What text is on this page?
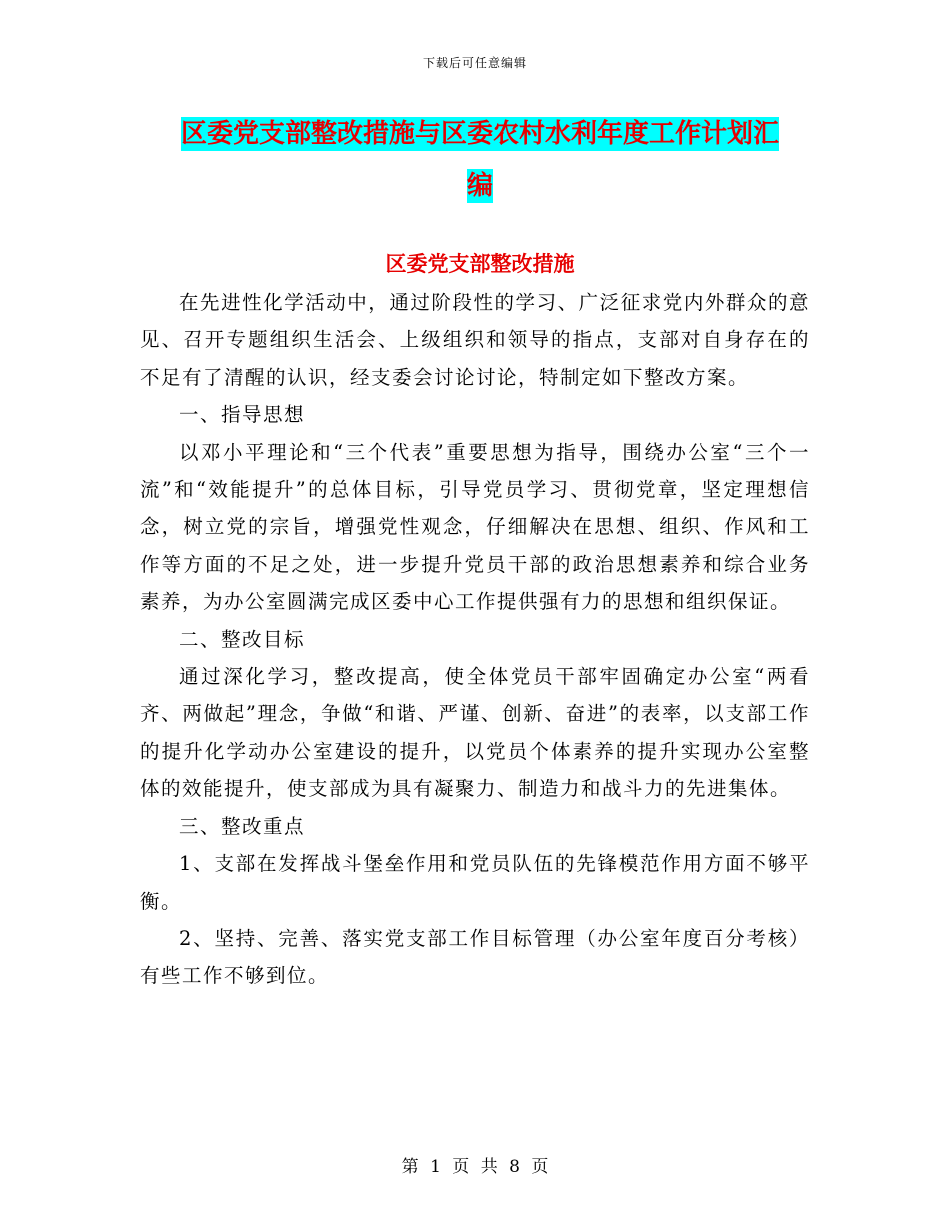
下载后可任意编辑
区委党支部整改措施与区委农村水利年度工作计划汇
编
区委党支部整改措施

在先进性化学活动中，通过阶段性的学习、广泛征求党内外群众的意见、召开专题组织生活会、上级组织和领导的指点，支部对自身存在的不足有了清醒的认识，经支委会讨论讨论，特制定如下整改方案。

一、指导思想

以邓小平理论和“三个代表”重要思想为指导，围绕办公室“三个一流”和“效能提升”的总体目标，引导党员学习、贯彻党章，坚定理想信念，树立党的宗旨，增强党性观念，仔细解决在思想、组织、作风和工作等方面的不足之处，进一步提升党员干部的政治思想素养和综合业务素养，为办公室圆满完成区委中心工作提供强有力的思想和组织保证。

二、整改目标

通过深化学习，整改提高，使全体党员干部牢固确定办公室“两看齐、两做起”理念，争做“和谐、严谨、创新、奋进”的表率，以支部工作的提升化学动办公室建设的提升，以党员个体素养的提升实现办公室整体的效能提升，使支部成为具有凝聚力、制造力和战斗力的先进集体。

三、整改重点

1、支部在发挥战斗堡垒作用和党员队伍的先锋模范作用方面不够平衡。

2、坚持、完善、落实党支部工作目标管理（办公室年度百分考核）有些工作不够到位。

第 1 页 共 8 页
